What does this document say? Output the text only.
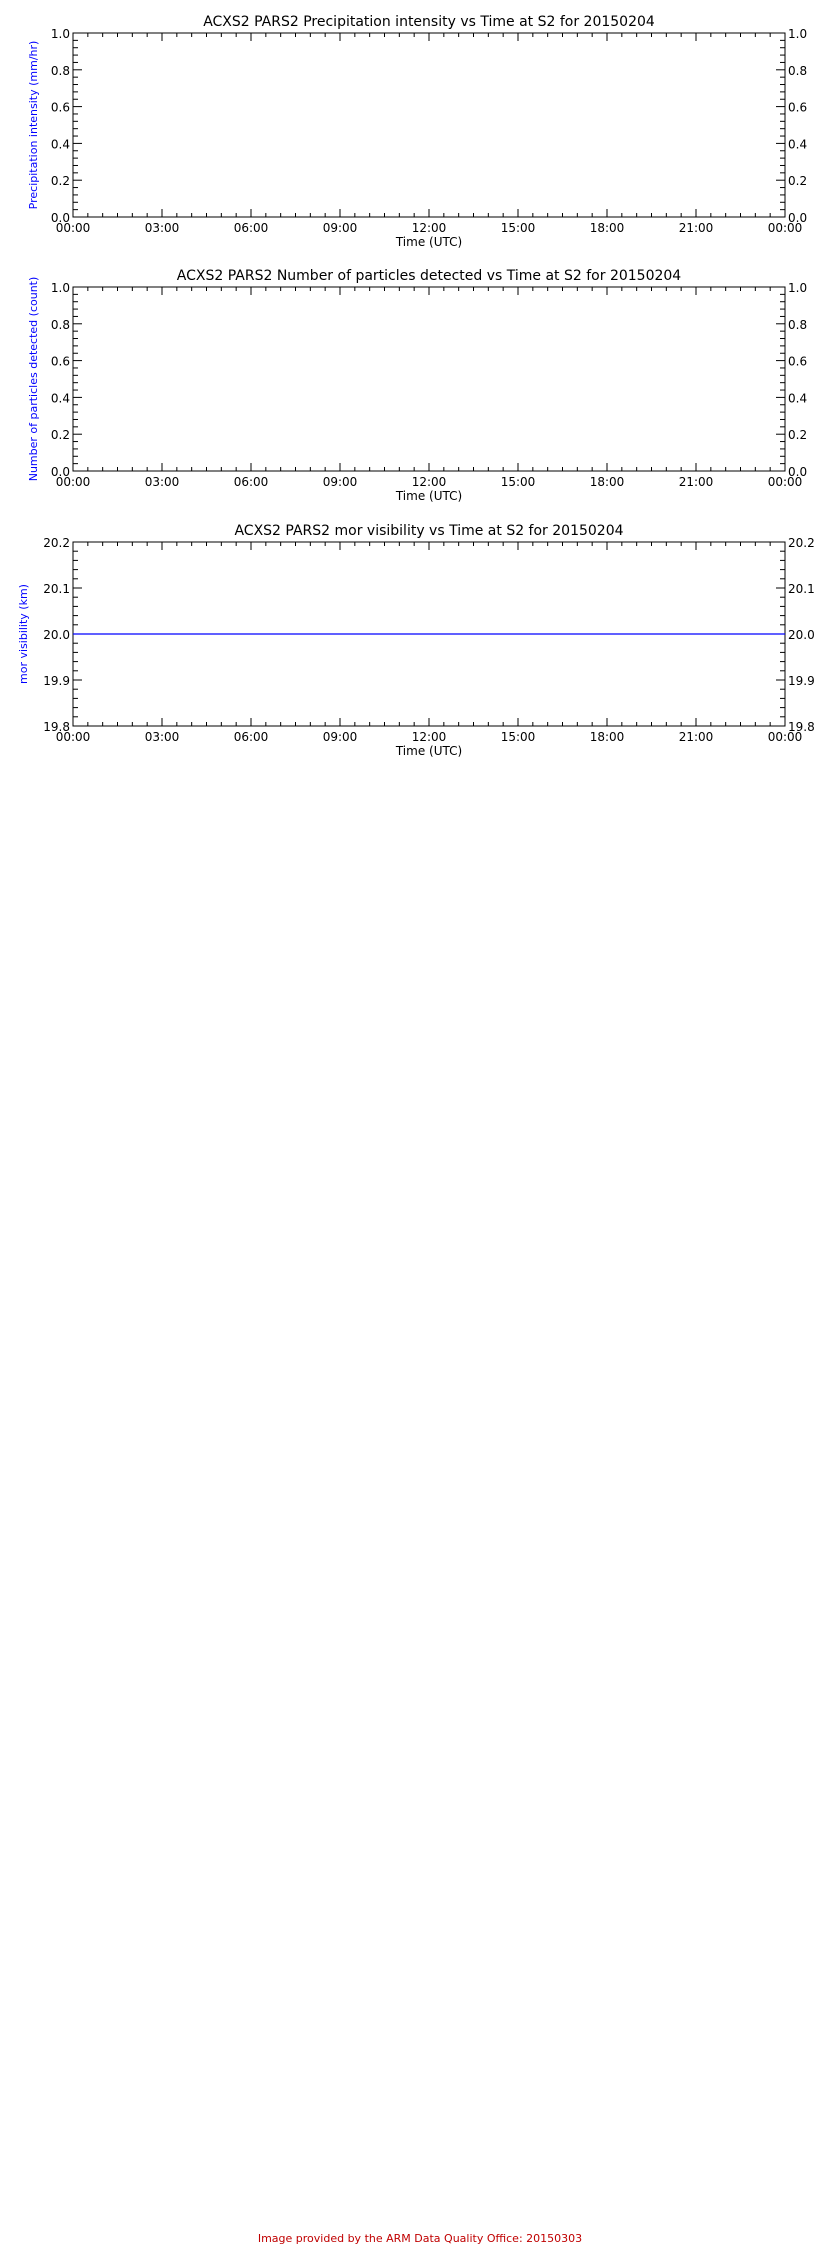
ACXS2 PARS2 Precipitation intensity vs Time at S2 for 20150204
00:00	03:00	06:00	09:00	12:00	15:00	18:00	21:00	00:00
Time (UTC)
0.0	0.0
0.2	0.2
0.4	0.4
0.6	0.6
0.8	0.8
1.0	1.0
Precipitation intensity (mm/hr)
ACXS2 PARS2 Number of particles detected vs Time at S2 for 20150204
00:00	03:00	06:00	09:00	12:00	15:00	18:00	21:00	00:00
Time (UTC)
0.0	0.0
0.2	0.2
0.4	0.4
0.6	0.6
0.8	0.8
1.0	1.0
Number of particles detected (count)
ACXS2 PARS2 mor visibility vs Time at S2 for 20150204
00:00	03:00	06:00	09:00	12:00	15:00	18:00	21:00	00:00
Time (UTC)
19.8	19.8
19.9	19.9
20.0	20.0
20.1	20.1
20.2	20.2
mor visibility (km)
Image provided by the ARM Data Quality Office: 20150303
